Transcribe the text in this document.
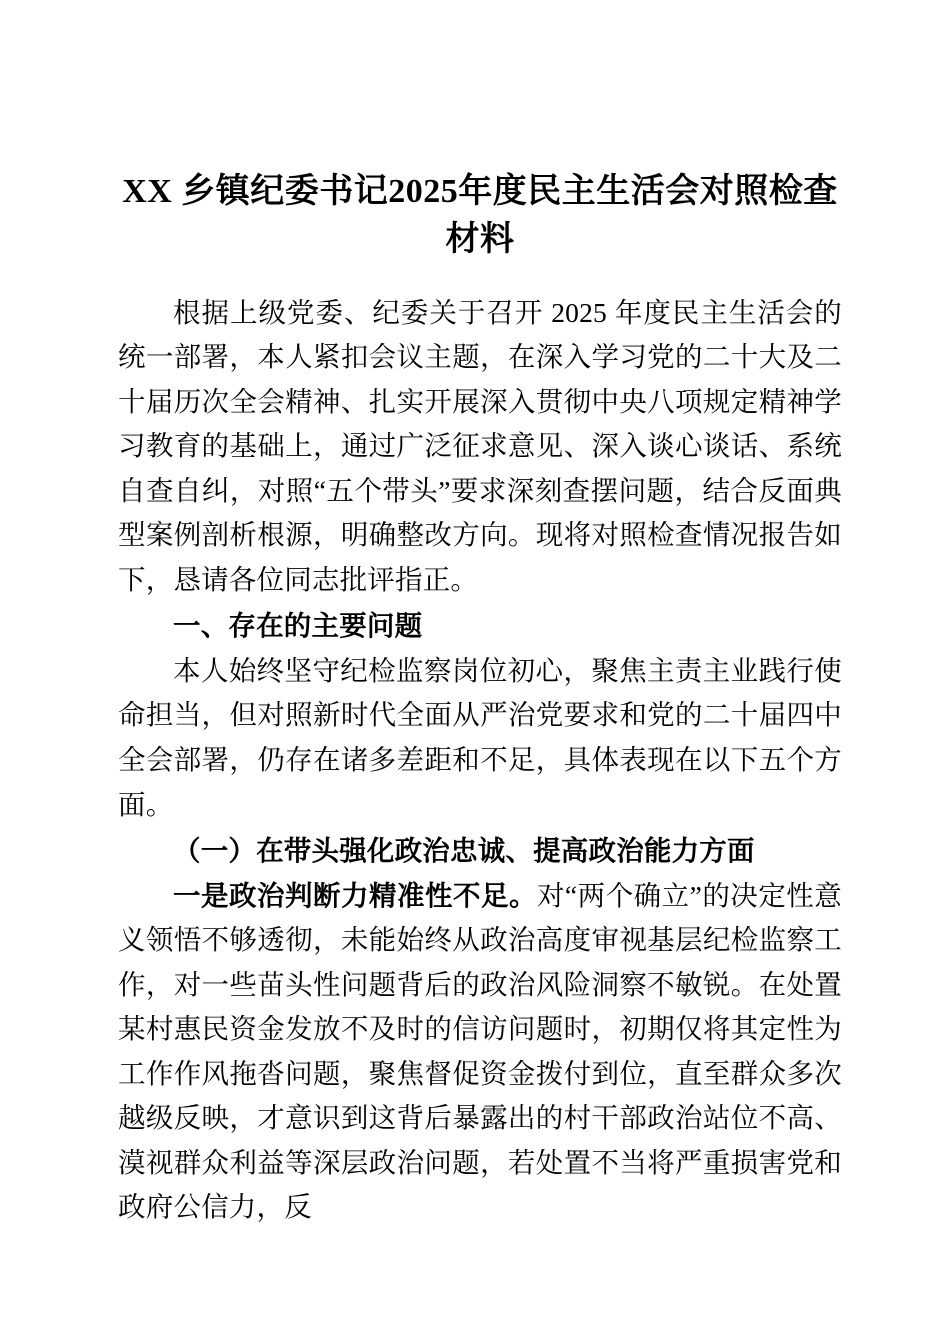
XX 乡镇纪委书记2025年度民主生活会对照检查材料

根据上级党委、纪委关于召开 2025 年度民主生活会的统一部署，本人紧扣会议主题，在深入学习党的二十大及二十届历次全会精神、扎实开展深入贯彻中央八项规定精神学习教育的基础上，通过广泛征求意见、深入谈心谈话、系统自查自纠，对照“五个带头”要求深刻查摆问题，结合反面典型案例剖析根源，明确整改方向。现将对照检查情况报告如下，恳请各位同志批评指正。

一、存在的主要问题

本人始终坚守纪检监察岗位初心，聚焦主责主业践行使命担当，但对照新时代全面从严治党要求和党的二十届四中全会部署，仍存在诸多差距和不足，具体表现在以下五个方面。

（一）在带头强化政治忠诚、提高政治能力方面

一是政治判断力精准性不足。对“两个确立”的决定性意义领悟不够透彻，未能始终从政治高度审视基层纪检监察工作，对一些苗头性问题背后的政治风险洞察不敏锐。在处置某村惠民资金发放不及时的信访问题时，初期仅将其定性为工作作风拖沓问题，聚焦督促资金拨付到位，直至群众多次越级反映，才意识到这背后暴露出的村干部政治站位不高、漠视群众利益等深层政治问题，若处置不当将严重损害党和政府公信力，反
